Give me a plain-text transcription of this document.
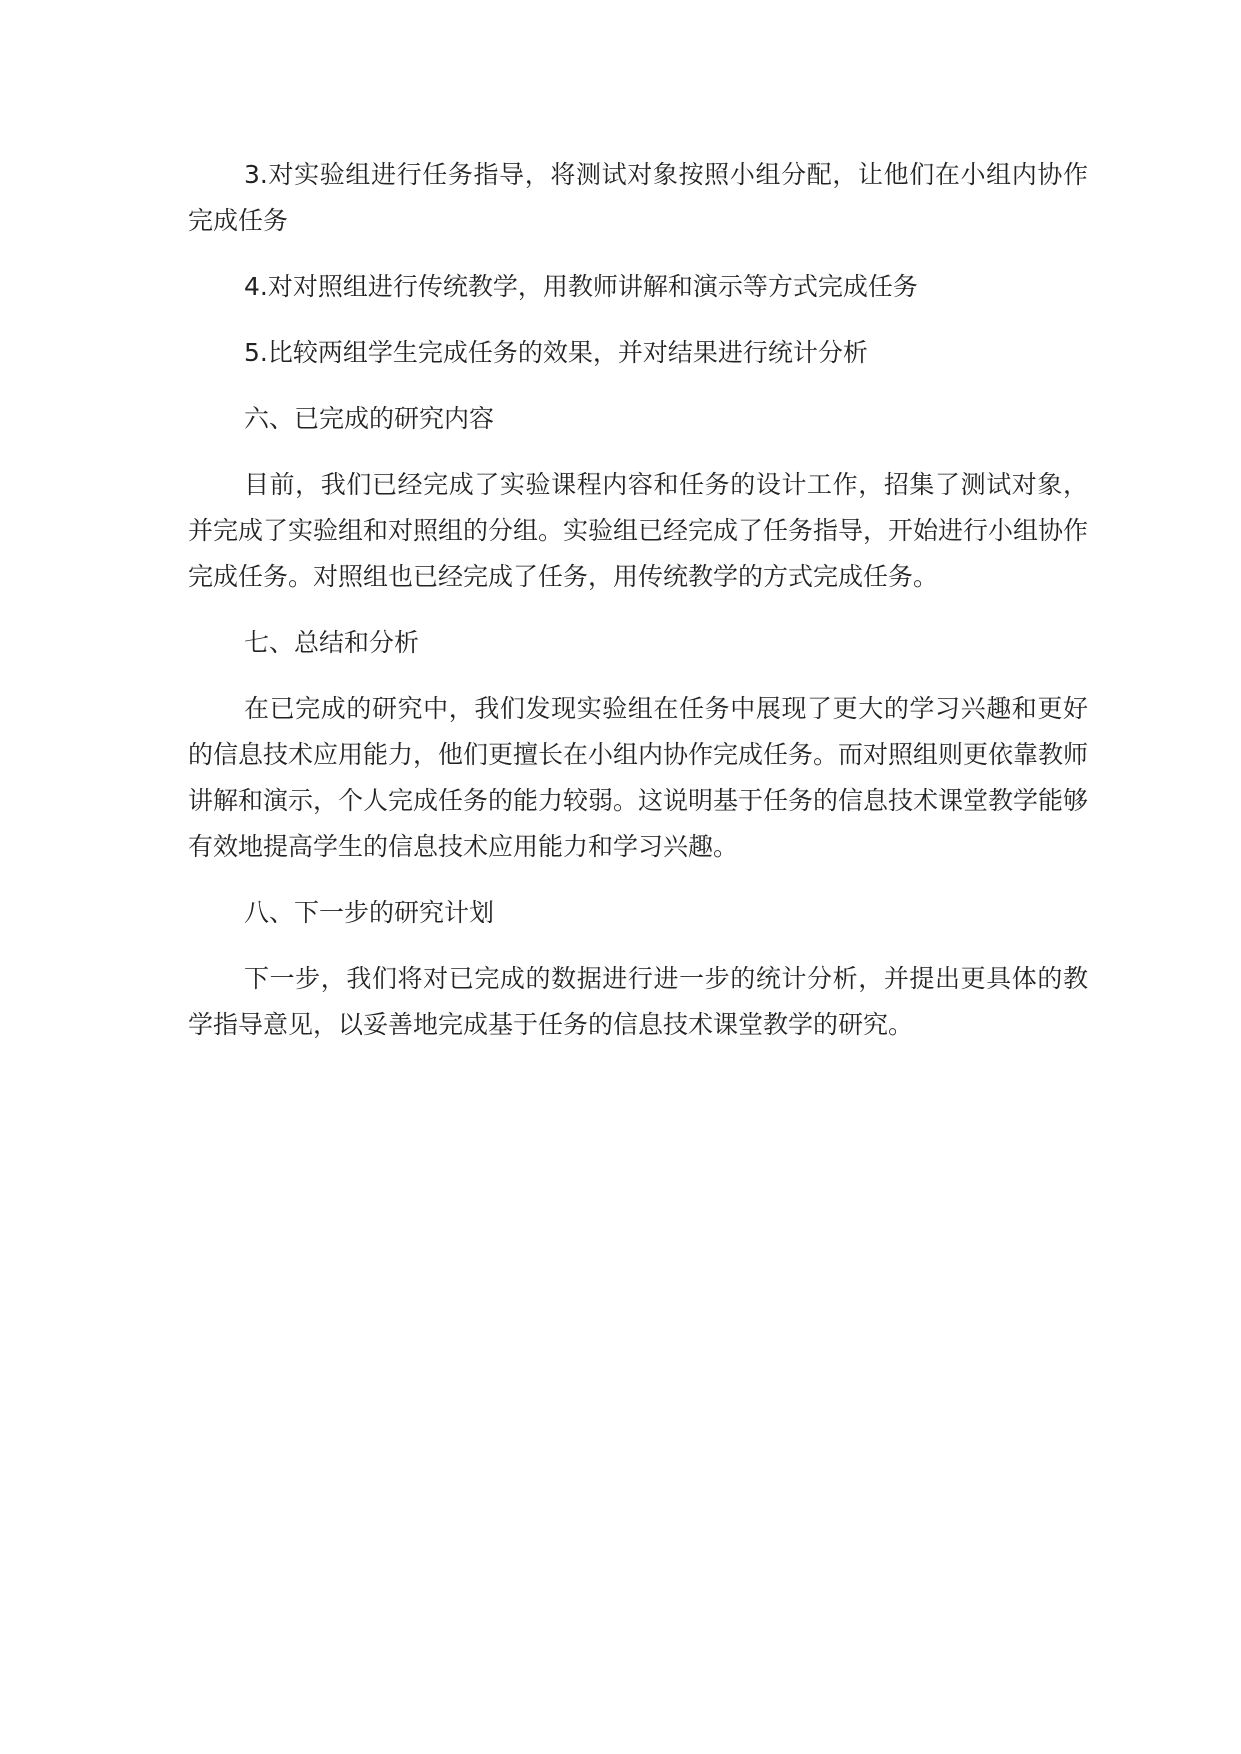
3.对实验组进行任务指导，将测试对象按照小组分配，让他们在小组内协作完成任务

4.对对照组进行传统教学，用教师讲解和演示等方式完成任务

5.比较两组学生完成任务的效果，并对结果进行统计分析

六、已完成的研究内容

目前，我们已经完成了实验课程内容和任务的设计工作，招集了测试对象，并完成了实验组和对照组的分组。实验组已经完成了任务指导，开始进行小组协作完成任务。对照组也已经完成了任务，用传统教学的方式完成任务。

七、总结和分析

在已完成的研究中，我们发现实验组在任务中展现了更大的学习兴趣和更好的信息技术应用能力，他们更擅长在小组内协作完成任务。而对照组则更依靠教师讲解和演示，个人完成任务的能力较弱。这说明基于任务的信息技术课堂教学能够有效地提高学生的信息技术应用能力和学习兴趣。

八、下一步的研究计划

下一步，我们将对已完成的数据进行进一步的统计分析，并提出更具体的教学指导意见，以妥善地完成基于任务的信息技术课堂教学的研究。
